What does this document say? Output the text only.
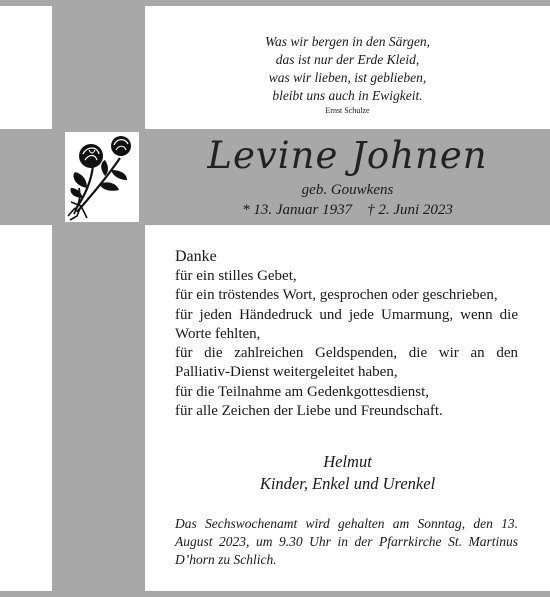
Was wir bergen in den Särgen,
das ist nur der Erde Kleid,
was wir lieben, ist geblieben,
bleibt uns auch in Ewigkeit.
Ernst Schulze
Levine Johnen
geb. Gouwkens
* 13. Januar 1937    † 2. Juni 2023
Danke
für ein stilles Gebet,
für ein tröstendes Wort, gesprochen oder geschrieben,
für jeden Händedruck und jede Umarmung, wenn die Worte fehlten,
für die zahlreichen Geldspenden, die wir an den Palliativ-Dienst weitergeleitet haben,
für die Teilnahme am Gedenkgottesdienst,
für alle Zeichen der Liebe und Freundschaft.
Helmut
Kinder, Enkel und Urenkel
Das Sechswochenamt wird gehalten am Sonntag, den 13. August 2023, um 9.30 Uhr in der Pfarrkirche St. Martinus D’horn zu Schlich.
